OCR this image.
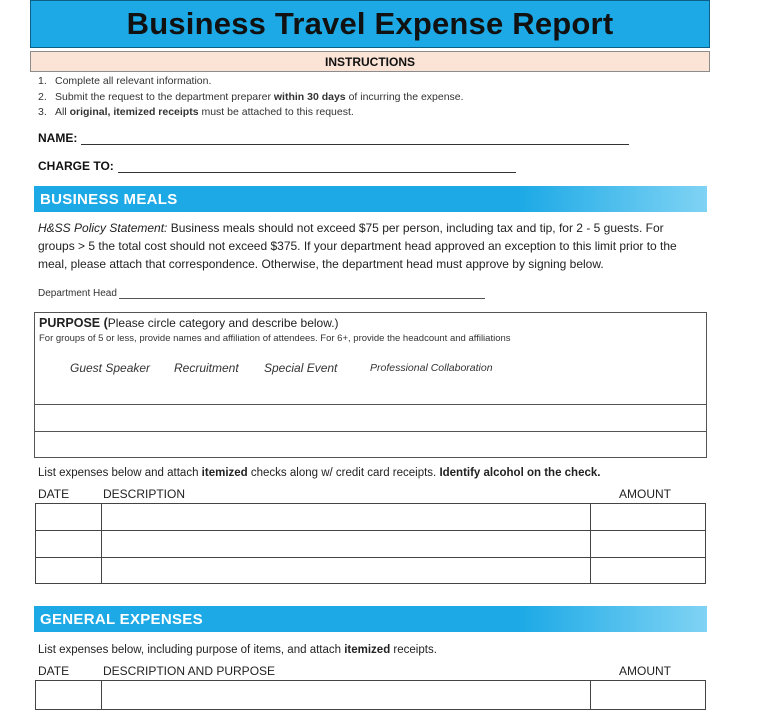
Business Travel Expense Report
INSTRUCTIONS
1. Complete all relevant information.
2. Submit the request to the department preparer within 30 days of incurring the expense.
3. All original, itemized receipts must be attached to this request.
NAME:
CHARGE TO:
BUSINESS MEALS
H&SS Policy Statement: Business meals should not exceed $75 per person, including tax and tip, for 2 - 5 guests. For groups > 5 the total cost should not exceed $375. If your department head approved an exception to this limit prior to the meal, please attach that correspondence. Otherwise, the department head must approve by signing below.
Department Head
PURPOSE (Please circle category and describe below.)
For groups of 5 or less, provide names and affiliation of attendees. For 6+, provide the headcount and affiliations
Guest Speaker Recruitment Special Event	Professional Collaboration
List expenses below and attach itemized checks along w/ credit card receipts. Identify alcohol on the check.
DATE	DESCRIPTION	AMOUNT
GENERAL EXPENSES
List expenses below, including purpose of items, and attach itemized receipts.
DATE	DESCRIPTION AND PURPOSE	AMOUNT
